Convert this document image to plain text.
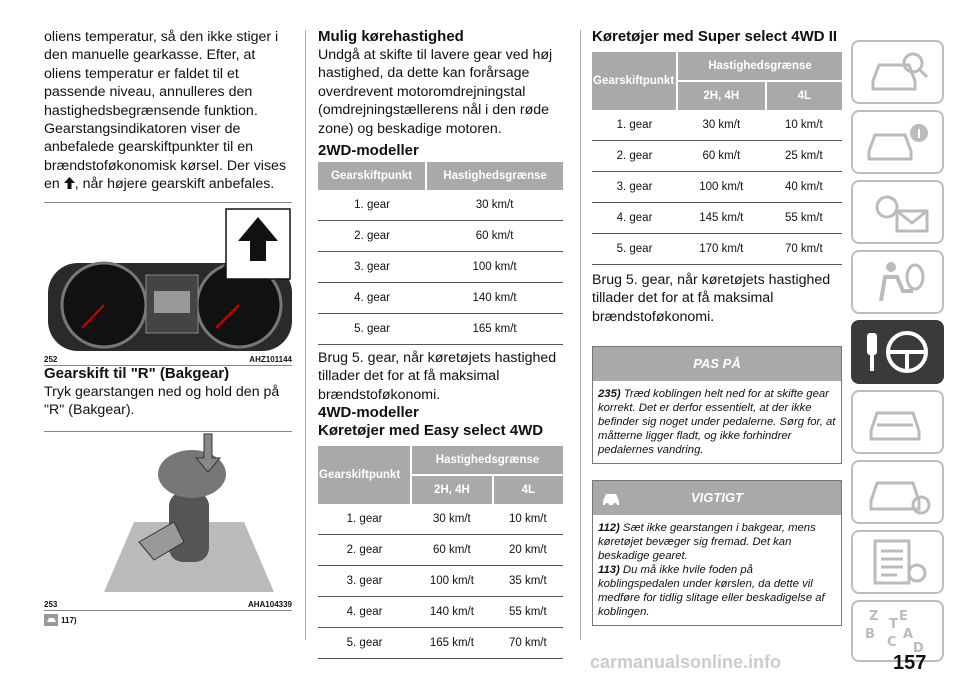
oliens temperatur, så den ikke stiger i den manuelle gearkasse. Efter, at oliens temperatur er faldet til et passende niveau, annulleres den hastighedsbegrænsende funktion. Gearstangsindikatoren viser de anbefalede gearskiftpunkter til en brændstoføkonomisk kørsel. Der vises en , når højere gearskift anbefales.

252	AHZ101144
Gearskift til "R" (Bakgear)

Tryk gearstangen ned og hold den på "R" (Bakgear).

253	AHA104339
117)
Mulig kørehastighed

Undgå at skifte til lavere gear ved høj hastighed, da dette kan forårsage overdrevent motoromdrejningstal (omdrejningstællerens nål i den røde zone) og beskadige motoren.

2WD-modeller
Gearskiftpunkt	Hastighedsgrænse
1. gear	30 km/t
2. gear	60 km/t
3. gear	100 km/t
4. gear	140 km/t
5. gear	165 km/t

Brug 5. gear, når køretøjets hastighed tillader det for at få maksimal brændstoføkonomi.

4WD-modeller
Køretøjer med Easy select 4WD
Gearskiftpunkt	Hastighedsgrænse	
	2H, 4H	4L
1. gear	30 km/t	10 km/t
2. gear	60 km/t	20 km/t
3. gear	100 km/t	35 km/t
4. gear	140 km/t	55 km/t
5. gear	165 km/t	70 km/t
Køretøjer med Super select 4WD II
Gearskiftpunkt	Hastighedsgrænse	
	2H, 4H	4L
1. gear	30 km/t	10 km/t
2. gear	60 km/t	25 km/t
3. gear	100 km/t	40 km/t
4. gear	145 km/t	55 km/t
5. gear	170 km/t	70 km/t

Brug 5. gear, når køretøjets hastighed tillader det for at få maksimal brændstoføkonomi.

PAS PÅ
235) Træd koblingen helt ned for at skifte gear korrekt. Det er derfor essentielt, at der ikke befinder sig noget under pedalerne. Sørg for, at måtterne ligger fladt, og ikke forhindrer pedalernes vandring.
VIGTIGT
112) Sæt ikke gearstangen i bakgear, mens køretøjet bevæger sig fremad. Det kan beskadige gearet.
113) Du må ikke hvile foden på koblingspedalen under kørslen, da dette vil medføre for tidlig slitage eller beskadigelse af koblingen.	Z E
B
C
A
D
T
carmanualsonline.info	157
